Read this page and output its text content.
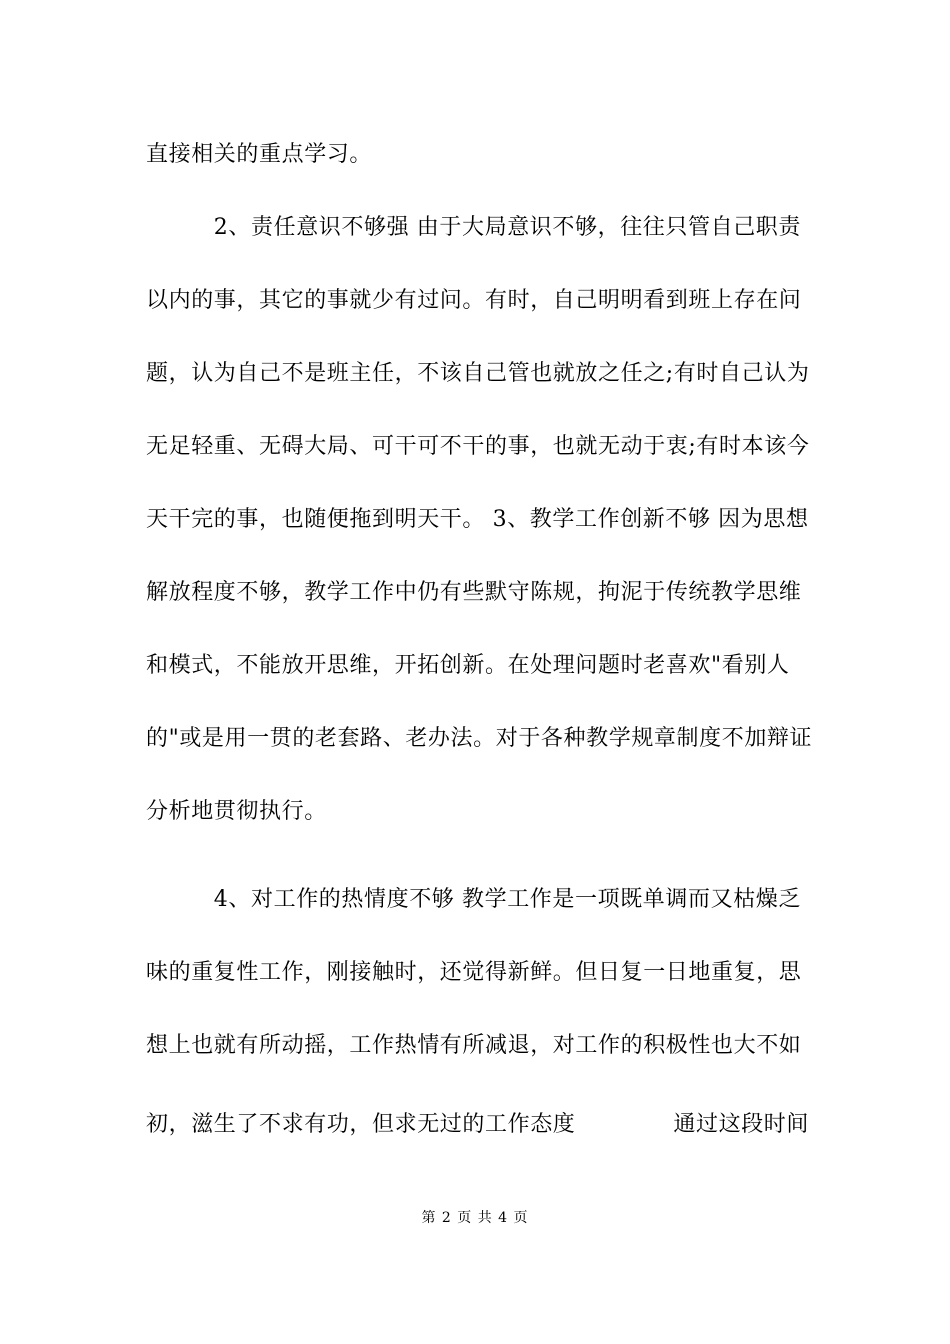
直接相关的重点学习。
　　　2、责任意识不够强 由于大局意识不够，往往只管自己职责
以内的事，其它的事就少有过问。有时，自己明明看到班上存在问
题，认为自己不是班主任，不该自己管也就放之任之;有时自己认为
无足轻重、无碍大局、可干可不干的事，也就无动于衷;有时本该今
天干完的事，也随便拖到明天干。 3、教学工作创新不够 因为思想
解放程度不够，教学工作中仍有些默守陈规，拘泥于传统教学思维
和模式，不能放开思维，开拓创新。在处理问题时老喜欢"看别人
的"或是用一贯的老套路、老办法。对于各种教学规章制度不加辩证
分析地贯彻执行。
　　　4、对工作的热情度不够 教学工作是一项既单调而又枯燥乏
味的重复性工作，刚接触时，还觉得新鲜。但日复一日地重复，思
想上也就有所动摇，工作热情有所减退，对工作的积极性也大不如
初，滋生了不求有功，但求无过的工作态度　　　　 通过这段时间
第 2 页 共 4 页
